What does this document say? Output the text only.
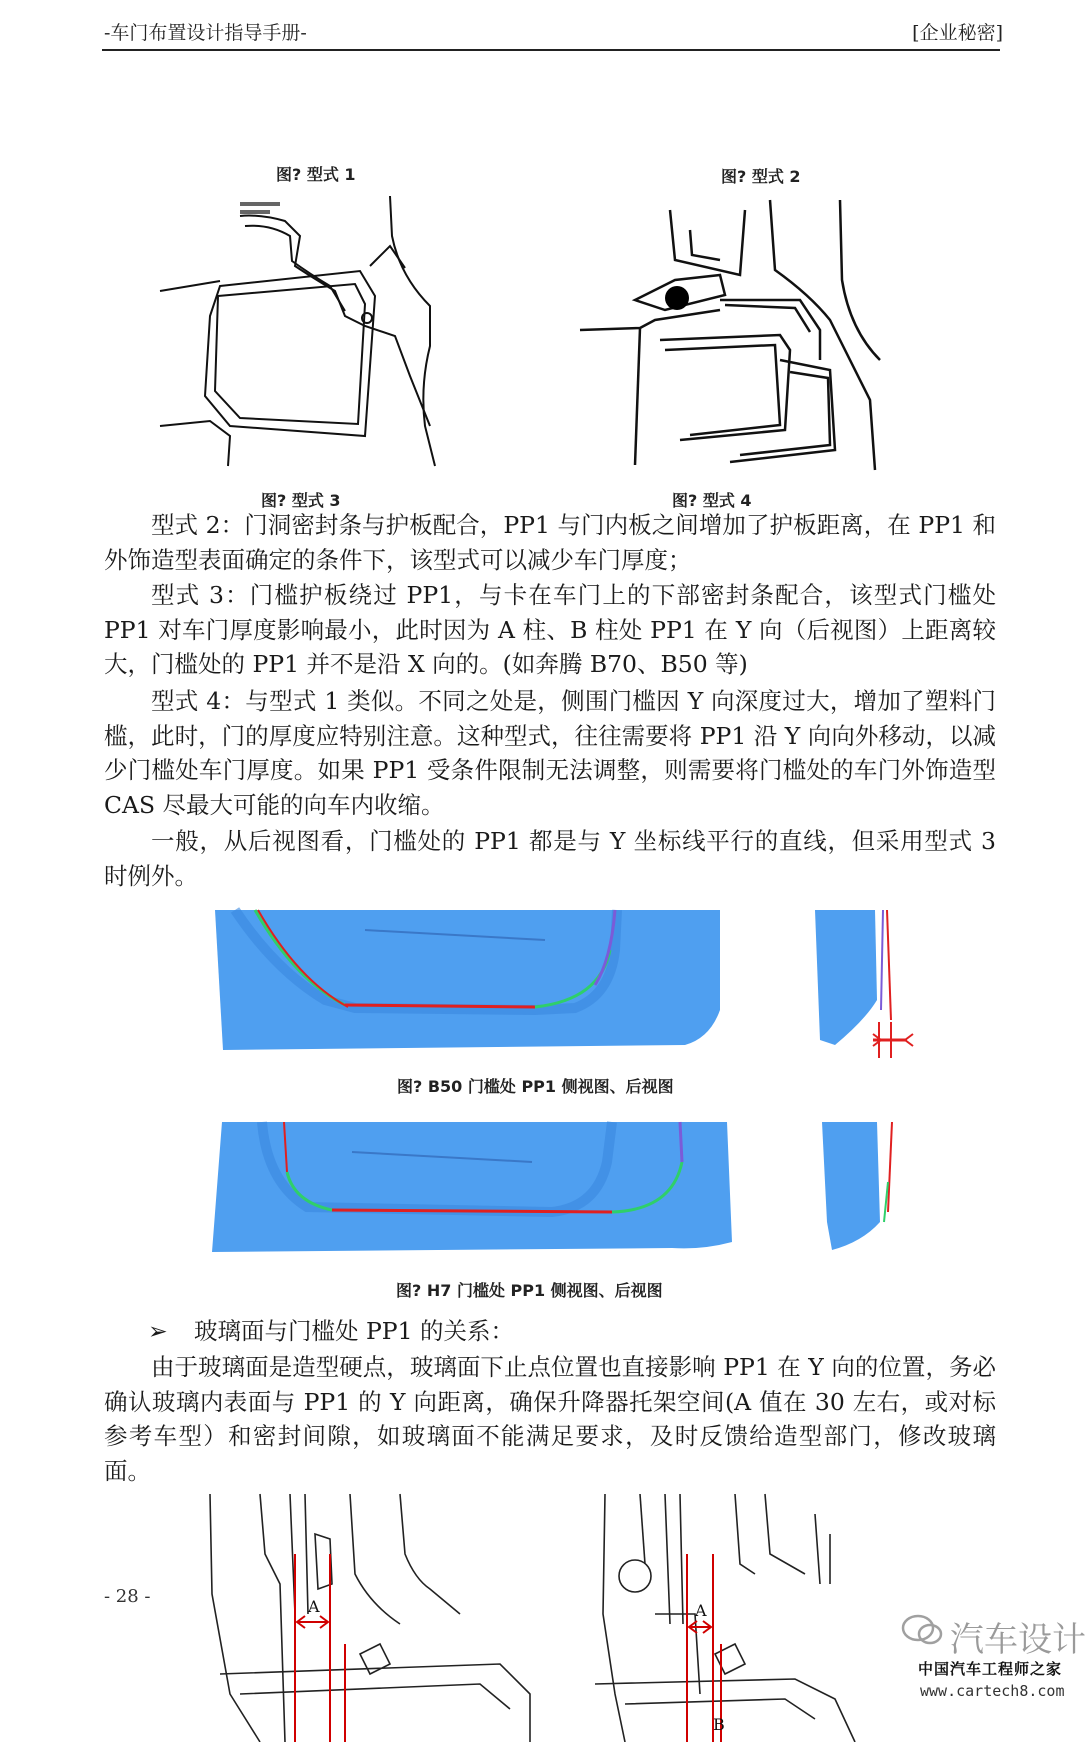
-车门布置设计指导手册-	[企业秘密]
图? 型式 1	图? 型式 2
图? 型式 3	图? 型式 4

型式 2：门洞密封条与护板配合，PP1 与门内板之间增加了护板距离，在 PP1 和外饰造型表面确定的条件下，该型式可以减少车门厚度；

型式 3：门槛护板绕过 PP1，与卡在车门上的下部密封条配合，该型式门槛处 PP1 对车门厚度影响最小，此时因为 A 柱、B 柱处 PP1 在 Y 向（后视图）上距离较大，门槛处的 PP1 并不是沿 X 向的。(如奔腾 B70、B50 等)

型式 4：与型式 1 类似。不同之处是，侧围门槛因 Y 向深度过大，增加了塑料门槛，此时，门的厚度应特别注意。这种型式，往往需要将 PP1 沿 Y 向向外移动，以减少门槛处车门厚度。如果 PP1 受条件限制无法调整，则需要将门槛处的车门外饰造型 CAS 尽最大可能的向车内收缩。

一般，从后视图看，门槛处的 PP1 都是与 Y 坐标线平行的直线，但采用型式 3 时例外。

图? B50 门槛处 PP1 侧视图、后视图
图? H7 门槛处 PP1 侧视图、后视图
➢ 玻璃面与门槛处 PP1 的关系：

由于玻璃面是造型硬点，玻璃面下止点位置也直接影响 PP1 在 Y 向的位置，务必确认玻璃内表面与 PP1 的 Y 向距离，确保升降器托架空间(A 值在 30 左右，或对标参考车型）和密封间隙，如玻璃面不能满足要求，及时反馈给造型部门，修改玻璃面。

A	A
B
- 28 -
汽车设计
中国汽车工程师之家
www.cartech8.com
